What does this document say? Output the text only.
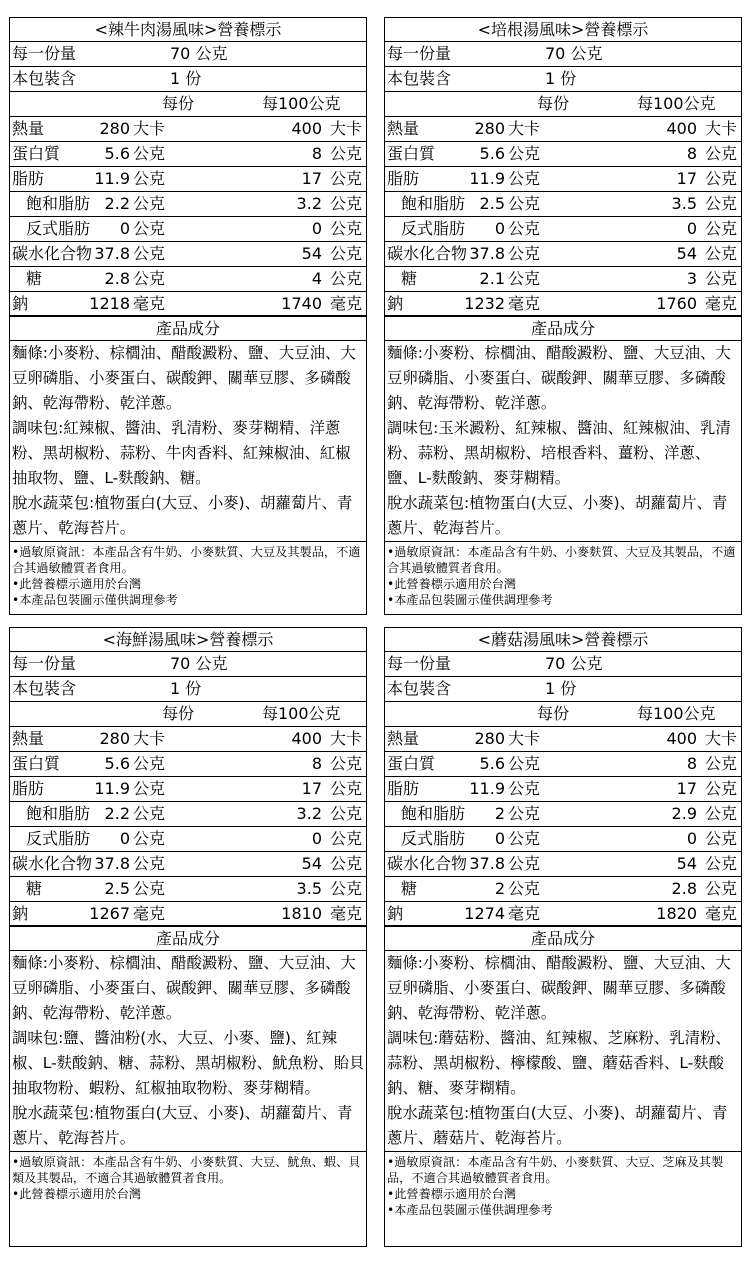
<辣牛肉湯風味>營養標示
每一份量	70 公克
本包裝含	1 份
每份	每100公克
熱量	280 大卡	400 大卡
蛋白質	5.6 公克	8 公克
脂肪	11.9 公克	17 公克
飽和脂肪 2.2 公克	3.2 公克
反式脂肪 0 公克	0 公克
碳水化合物 37.8 公克	54 公克
糖	2.8 公克	4 公克
鈉	1218 毫克	1740 毫克
產品成分

麵條:小麥粉、棕櫚油、醋酸澱粉、鹽、大豆油、大豆卵磷脂、小麥蛋白、碳酸鉀、關華豆膠、多磷酸鈉、乾海帶粉、乾洋蔥。

調味包:紅辣椒、醬油、乳清粉、麥芽糊精、洋蔥粉、黑胡椒粉、蒜粉、牛肉香料、紅辣椒油、紅椒抽取物、鹽、L-麩酸鈉、糖。

脫水蔬菜包:植物蛋白(大豆、小麥)、胡蘿蔔片、青蔥片、乾海苔片。

•過敏原資訊：本產品含有牛奶、小麥麩質、大豆及其製品，不適合其過敏體質者食用。

•此營養標示適用於台灣

•本產品包裝圖示僅供調理參考

<培根湯風味>營養標示
每一份量	70 公克
本包裝含	1 份
每份	每100公克
熱量	280 大卡	400 大卡
蛋白質	5.6 公克	8 公克
脂肪	11.9 公克	17 公克
飽和脂肪 2.5 公克	3.5 公克
反式脂肪 0 公克	0 公克
碳水化合物 37.8 公克	54 公克
糖	2.1 公克	3 公克
鈉	1232 毫克	1760 毫克
產品成分

麵條:小麥粉、棕櫚油、醋酸澱粉、鹽、大豆油、大豆卵磷脂、小麥蛋白、碳酸鉀、關華豆膠、多磷酸鈉、乾海帶粉、乾洋蔥。

調味包:玉米澱粉、紅辣椒、醬油、紅辣椒油、乳清粉、蒜粉、黑胡椒粉、培根香料、薑粉、洋蔥、鹽、L-麩酸鈉、麥芽糊精。

脫水蔬菜包:植物蛋白(大豆、小麥)、胡蘿蔔片、青蔥片、乾海苔片。

•過敏原資訊：本產品含有牛奶、小麥麩質、大豆及其製品，不適合其過敏體質者食用。

•此營養標示適用於台灣

•本產品包裝圖示僅供調理參考

<海鮮湯風味>營養標示
每一份量	70 公克
本包裝含	1 份
每份	每100公克
熱量	280 大卡	400 大卡
蛋白質	5.6 公克	8 公克
脂肪	11.9 公克	17 公克
飽和脂肪 2.2 公克	3.2 公克
反式脂肪 0 公克	0 公克
碳水化合物 37.8 公克	54 公克
糖	2.5 公克	3.5 公克
鈉	1267 毫克	1810 毫克
產品成分

麵條:小麥粉、棕櫚油、醋酸澱粉、鹽、大豆油、大豆卵磷脂、小麥蛋白、碳酸鉀、關華豆膠、多磷酸鈉、乾海帶粉、乾洋蔥。

調味包:鹽、醬油粉(水、大豆、小麥、鹽)、紅辣椒、L-麩酸鈉、糖、蒜粉、黑胡椒粉、魷魚粉、貽貝抽取物粉、蝦粉、紅椒抽取物粉、麥芽糊精。

脫水蔬菜包:植物蛋白(大豆、小麥)、胡蘿蔔片、青蔥片、乾海苔片。

•過敏原資訊：本產品含有牛奶、小麥麩質、大豆、魷魚、蝦、貝類及其製品，不適合其過敏體質者食用。

•此營養標示適用於台灣

<蘑菇湯風味>營養標示
每一份量	70 公克
本包裝含	1 份
每份	每100公克
熱量	280 大卡	400 大卡
蛋白質	5.6 公克	8 公克
脂肪	11.9 公克	17 公克
飽和脂肪 2 公克	2.9 公克
反式脂肪 0 公克	0 公克
碳水化合物 37.8 公克	54 公克
糖	2 公克	2.8 公克
鈉	1274 毫克	1820 毫克
產品成分

麵條:小麥粉、棕櫚油、醋酸澱粉、鹽、大豆油、大豆卵磷脂、小麥蛋白、碳酸鉀、關華豆膠、多磷酸鈉、乾海帶粉、乾洋蔥。

調味包:蘑菇粉、醬油、紅辣椒、芝麻粉、乳清粉、蒜粉、黑胡椒粉、檸檬酸、鹽、蘑菇香料、L-麩酸鈉、糖、麥芽糊精。

脫水蔬菜包:植物蛋白(大豆、小麥)、胡蘿蔔片、青蔥片、蘑菇片、乾海苔片。

•過敏原資訊：本產品含有牛奶、小麥麩質、大豆、芝麻及其製品，不適合其過敏體質者食用。

•此營養標示適用於台灣

•本產品包裝圖示僅供調理參考
